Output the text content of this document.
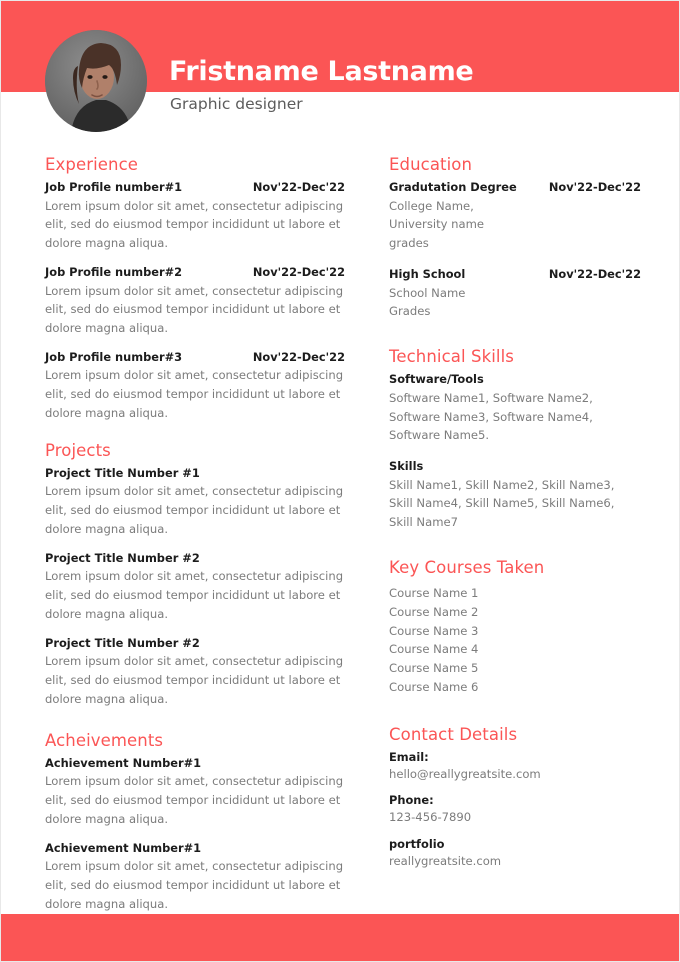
Fristname Lastname
Graphic designer
Experience
Job Profile number#1	Nov'22-Dec'22
Lorem ipsum dolor sit amet, consectetur adipiscing
elit, sed do eiusmod tempor incididunt ut labore et
dolore magna aliqua.
Job Profile number#2	Nov'22-Dec'22
Lorem ipsum dolor sit amet, consectetur adipiscing
elit, sed do eiusmod tempor incididunt ut labore et
dolore magna aliqua.
Job Profile number#3	Nov'22-Dec'22
Lorem ipsum dolor sit amet, consectetur adipiscing
elit, sed do eiusmod tempor incididunt ut labore et
dolore magna aliqua.
Projects
Project Title Number #1
Lorem ipsum dolor sit amet, consectetur adipiscing
elit, sed do eiusmod tempor incididunt ut labore et
dolore magna aliqua.
Project Title Number #2
Lorem ipsum dolor sit amet, consectetur adipiscing
elit, sed do eiusmod tempor incididunt ut labore et
dolore magna aliqua.
Project Title Number #2
Lorem ipsum dolor sit amet, consectetur adipiscing
elit, sed do eiusmod tempor incididunt ut labore et
dolore magna aliqua.
Acheivements
Achievement Number#1
Lorem ipsum dolor sit amet, consectetur adipiscing
elit, sed do eiusmod tempor incididunt ut labore et
dolore magna aliqua.
Achievement Number#1
Lorem ipsum dolor sit amet, consectetur adipiscing
elit, sed do eiusmod tempor incididunt ut labore et
dolore magna aliqua.
Education
Gradutation Degree	Nov'22-Dec'22
College Name,
University name
grades
High School	Nov'22-Dec'22
School Name
Grades
Technical Skills
Software/Tools
Software Name1, Software Name2,
Software Name3, Software Name4,
Software Name5.
Skills
Skill Name1, Skill Name2, Skill Name3,
Skill Name4, Skill Name5, Skill Name6,
Skill Name7
Key Courses Taken
Course Name 1
Course Name 2
Course Name 3
Course Name 4
Course Name 5
Course Name 6
Contact Details
Email:
hello@reallygreatsite.com
Phone:
123-456-7890
portfolio
reallygreatsite.com
